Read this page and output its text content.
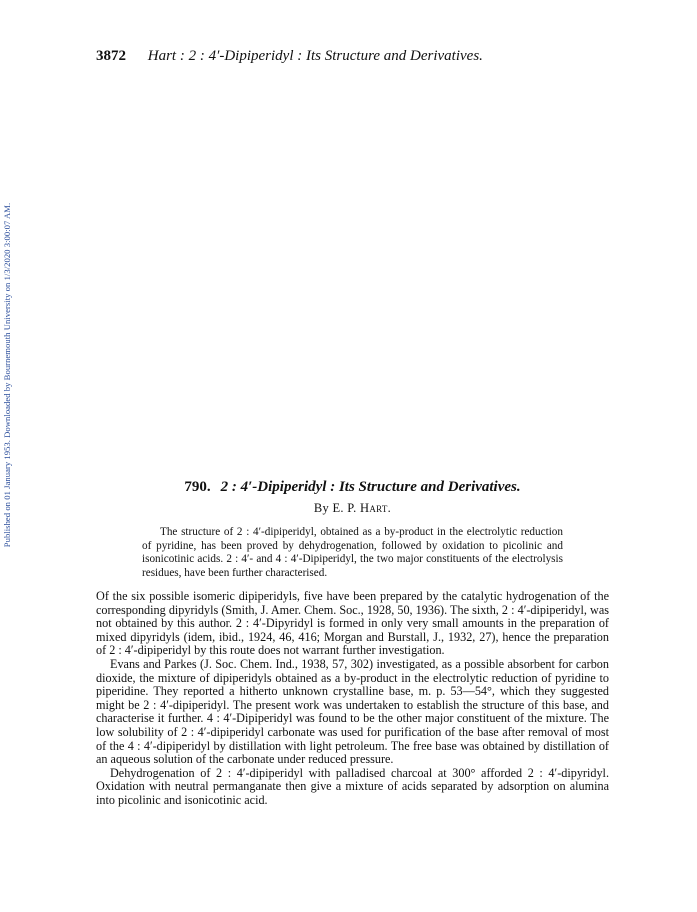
Published on 01 January 1953. Downloaded by Bournemouth University on 1/3/2020 3:00:07 AM.
3872 Hart : 2 : 4′-Dipiperidyl : Its Structure and Derivatives.
790. 2 : 4′-Dipiperidyl : Its Structure and Derivatives.
By E. P. Hart.

The structure of 2 : 4′-dipiperidyl, obtained as a by-product in the electrolytic reduction of pyridine, has been proved by dehydrogenation, followed by oxidation to picolinic and isonicotinic acids. 2 : 4′- and 4 : 4′-Dipiperidyl, the two major constituents of the electrolysis residues, have been further characterised.

Of the six possible isomeric dipiperidyls, five have been prepared by the catalytic hydrogenation of the corresponding dipyridyls (Smith, J. Amer. Chem. Soc., 1928, 50, 1936). The sixth, 2 : 4′-dipiperidyl, was not obtained by this author. 2 : 4′-Dipyridyl is formed in only very small amounts in the preparation of mixed dipyridyls (idem, ibid., 1924, 46, 416; Morgan and Burstall, J., 1932, 27), hence the preparation of 2 : 4′-dipiperidyl by this route does not warrant further investigation.

Evans and Parkes (J. Soc. Chem. Ind., 1938, 57, 302) investigated, as a possible absorbent for carbon dioxide, the mixture of dipiperidyls obtained as a by-product in the electrolytic reduction of pyridine to piperidine. They reported a hitherto unknown crystalline base, m. p. 53—54°, which they suggested might be 2 : 4′-dipiperidyl. The present work was undertaken to establish the structure of this base, and characterise it further. 4 : 4′-Dipiperidyl was found to be the other major constituent of the mixture. The low solubility of 2 : 4′-dipiperidyl carbonate was used for purification of the base after removal of most of the 4 : 4′-dipiperidyl by distillation with light petroleum. The free base was obtained by distillation of an aqueous solution of the carbonate under reduced pressure.

Dehydrogenation of 2 : 4′-dipiperidyl with palladised charcoal at 300° afforded 2 : 4′-dipyridyl. Oxidation with neutral permanganate then give a mixture of acids separated by adsorption on alumina into picolinic and isonicotinic acid.
